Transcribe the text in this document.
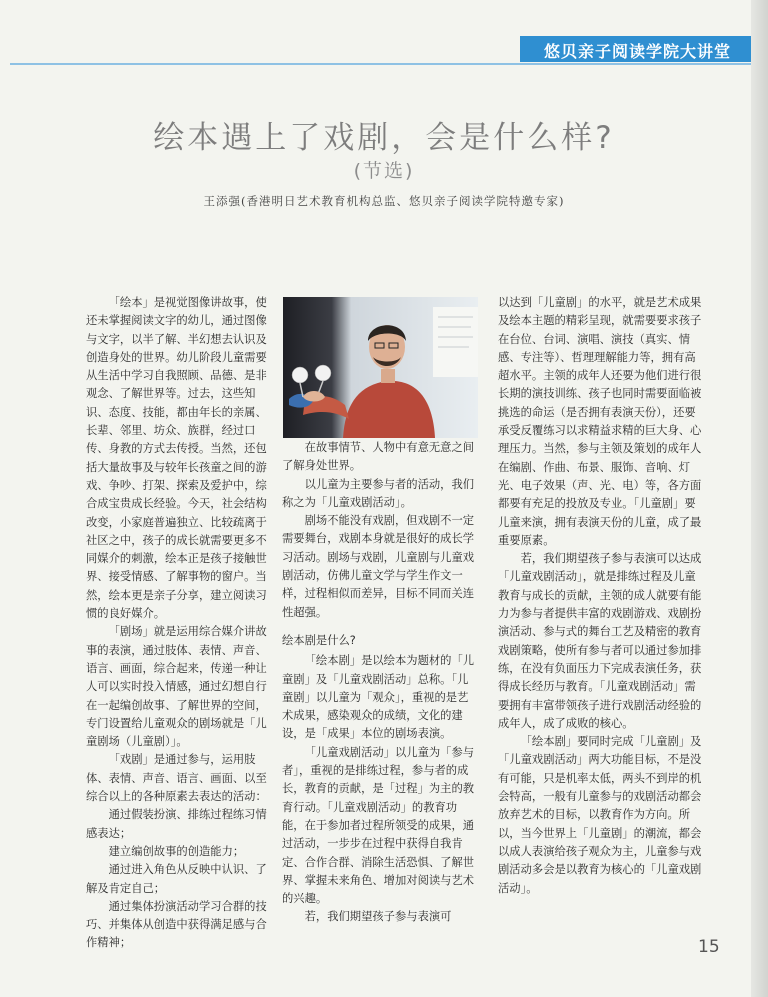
悠贝亲子阅读学院大讲堂
绘本遇上了戏剧，会是什么样?
(节选)
王添强(香港明日艺术教育机构总监、悠贝亲子阅读学院特邀专家)

「绘本」是视觉图像讲故事，使还未掌握阅读文字的幼儿，通过图像与文字，以半了解、半幻想去认识及创造身处的世界。幼儿阶段儿童需要从生活中学习自我照顾、品德、是非观念、了解世界等。过去，这些知识、态度、技能，都由年长的亲属、长辈、邻里、坊众、族群，经过口传、身教的方式去传授。当然，还包括大量故事及与较年长孩童之间的游戏、争吵、打架、探索及爱护中，综合成宝贵成长经验。今天，社会结构改变，小家庭普遍独立、比较疏离于社区之中，孩子的成长就需要更多不同媒介的刺激，绘本正是孩子接触世界、接受情感、了解事物的窗户。当然，绘本更是亲子分享，建立阅读习惯的良好媒介。

「剧场」就是运用综合媒介讲故事的表演，通过肢体、表情、声音、语言、画面，综合起来，传递一种让人可以实时投入情感，通过幻想自行在一起编创故事、了解世界的空间，专门设置给儿童观众的剧场就是「儿童剧场（儿童剧）」。

「戏剧」是通过参与，运用肢体、表情、声音、语言、画面、以至综合以上的各种原素去表达的活动：

通过假装扮演、排练过程练习情感表达；

建立编创故事的创造能力；

通过进入角色从反映中认识、了解及肯定自己；

通过集体扮演活动学习合群的技巧、并集体从创造中获得满足感与合作精神；

在故事情节、人物中有意无意之间了解身处世界。

以儿童为主要参与者的活动，我们称之为「儿童戏剧活动」。

剧场不能没有戏剧，但戏剧不一定需要舞台，戏剧本身就是很好的成长学习活动。剧场与戏剧，儿童剧与儿童戏剧活动，仿佛儿童文学与学生作文一样，过程相似而差异，目标不同而关连性超强。

绘本剧是什么?

「绘本剧」是以绘本为题材的「儿童剧」及「儿童戏剧活动」总称。「儿童剧」以儿童为「观众」，重视的是艺术成果，感染观众的成绩，文化的建设，是「成果」本位的剧场表演。

「儿童戏剧活动」以儿童为「参与者」，重视的是排练过程，参与者的成长，教育的贡献，是「过程」为主的教育行动。「儿童戏剧活动」的教育功能，在于参加者过程所领受的成果，通过活动，一步步在过程中获得自我肯定、合作合群、消除生活恐惧、了解世界、掌握未来角色、增加对阅读与艺术的兴趣。

若，我们期望孩子参与表演可

以达到「儿童剧」的水平，就是艺术成果及绘本主题的精彩呈现，就需要要求孩子在台位、台词、演唱、演技（真实、情感、专注等）、哲理理解能力等，拥有高超水平。主领的成年人还要为他们进行很长期的演技训练、孩子也同时需要面临被挑选的命运（是否拥有表演天份），还要承受反覆练习以求精益求精的巨大身、心理压力。当然，参与主领及策划的成年人在编剧、作曲、布景、服饰、音响、灯光、电子效果（声、光、电）等，各方面都要有充足的投放及专业。「儿童剧」要儿童来演，拥有表演天份的儿童，成了最重要原素。

若，我们期望孩子参与表演可以达成「儿童戏剧活动」，就是排练过程及儿童教育与成长的贡献，主领的成人就要有能力为参与者提供丰富的戏剧游戏、戏剧扮演活动、参与式的舞台工艺及精密的教育戏剧策略，使所有参与者可以通过参加排练，在没有负面压力下完成表演任务，获得成长经历与教育。「儿童戏剧活动」需要拥有丰富带领孩子进行戏剧活动经验的成年人，成了成败的核心。

「绘本剧」要同时完成「儿童剧」及「儿童戏剧活动」两大功能目标，不是没有可能，只是机率太低，两头不到岸的机会特高，一般有儿童参与的戏剧活动都会放弃艺术的目标，以教育作为方向。所以，当今世界上「儿童剧」的潮流，都会以成人表演给孩子观众为主，儿童参与戏剧活动多会是以教育为核心的「儿童戏剧活动」。

15
